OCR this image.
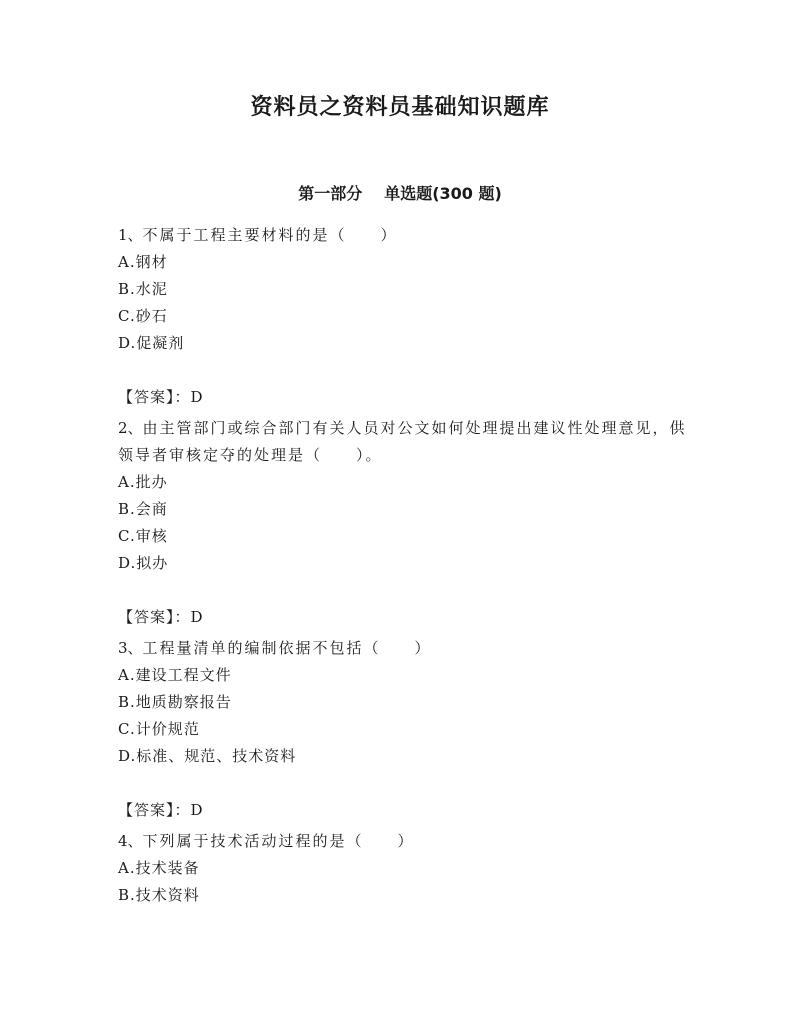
资料员之资料员基础知识题库
第一部分 单选题(300 题)
1、不属于工程主要材料的是（　　）
A.钢材
B.水泥
C.砂石
D.促凝剂
【答案】：D
2、由主管部门或综合部门有关人员对公文如何处理提出建议性处理意见，供领导者审核定夺的处理是（　　）。
A.批办
B.会商
C.审核
D.拟办
【答案】：D
3、工程量清单的编制依据不包括（　　）
A.建设工程文件
B.地质勘察报告
C.计价规范
D.标准、规范、技术资料
【答案】：D
4、下列属于技术活动过程的是（　　）
A.技术装备
B.技术资料
